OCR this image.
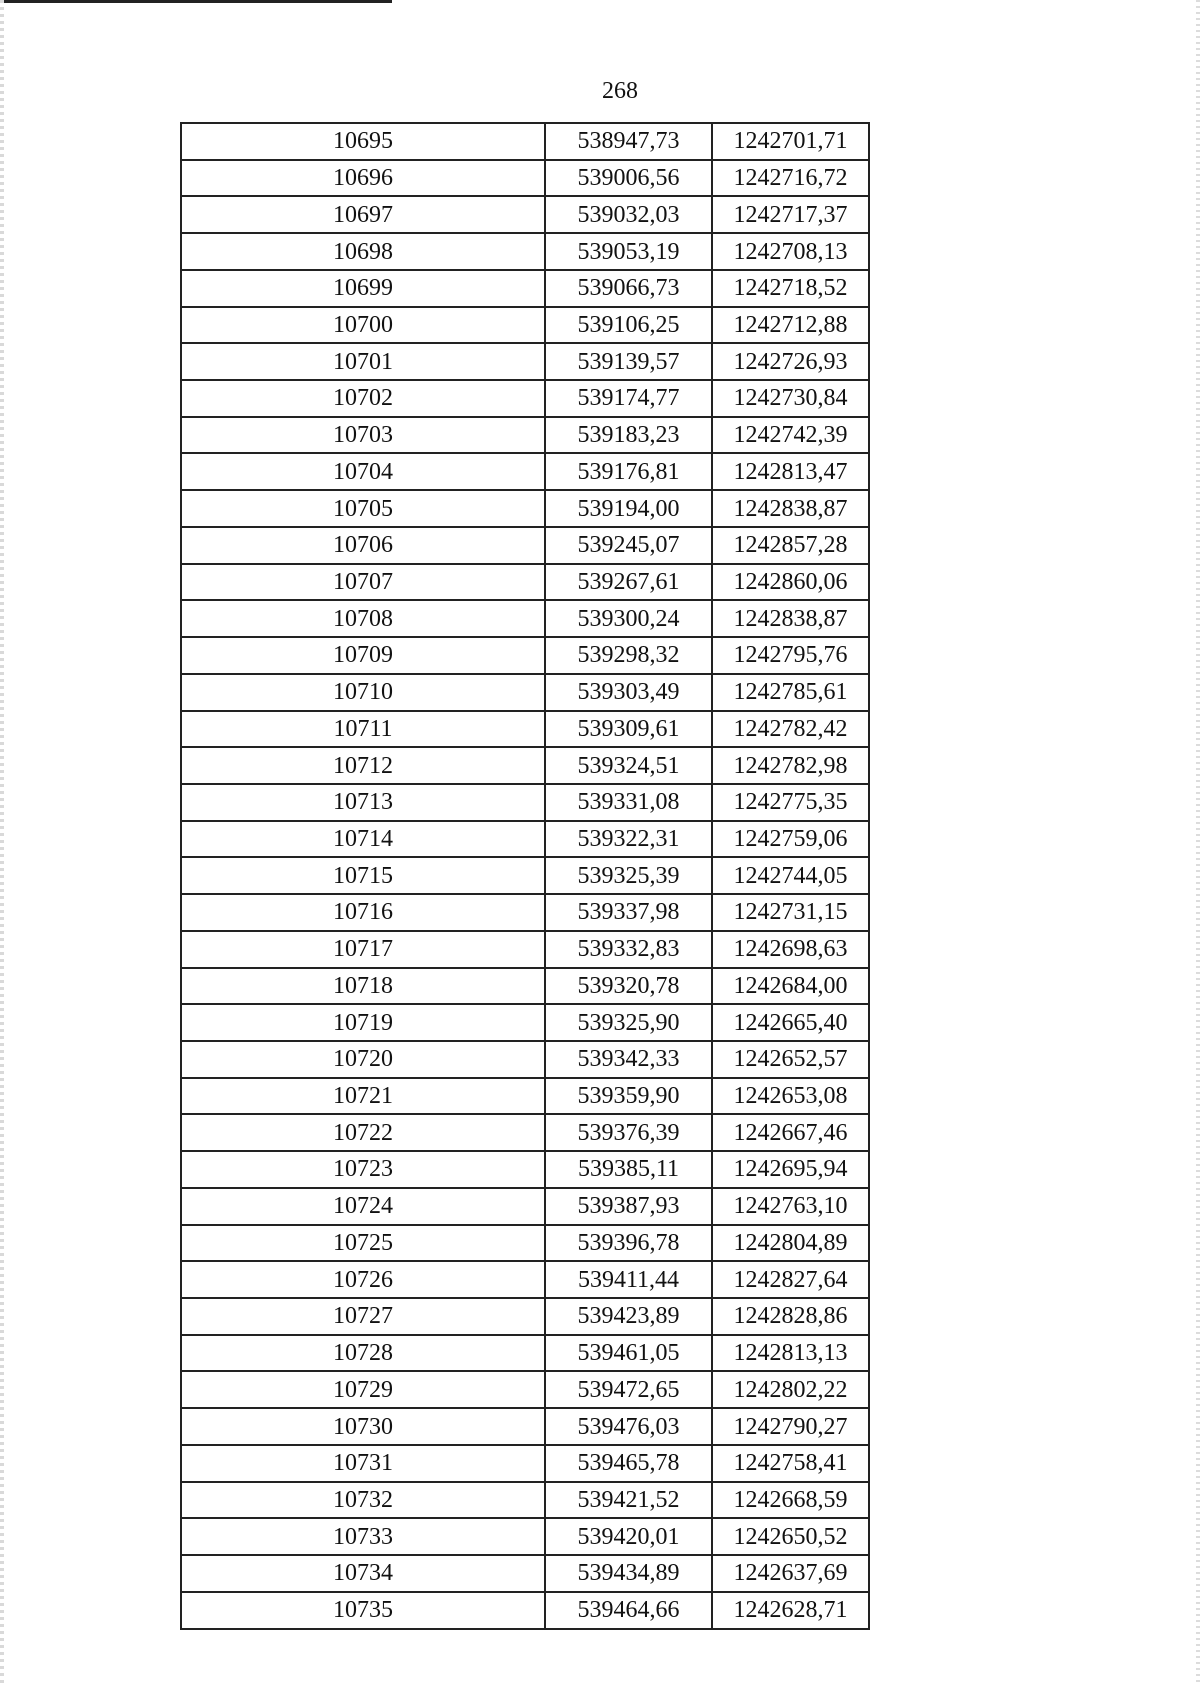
268
10695	538947,73	1242701,71
10696	539006,56	1242716,72
10697	539032,03	1242717,37
10698	539053,19	1242708,13
10699	539066,73	1242718,52
10700	539106,25	1242712,88
10701	539139,57	1242726,93
10702	539174,77	1242730,84
10703	539183,23	1242742,39
10704	539176,81	1242813,47
10705	539194,00	1242838,87
10706	539245,07	1242857,28
10707	539267,61	1242860,06
10708	539300,24	1242838,87
10709	539298,32	1242795,76
10710	539303,49	1242785,61
10711	539309,61	1242782,42
10712	539324,51	1242782,98
10713	539331,08	1242775,35
10714	539322,31	1242759,06
10715	539325,39	1242744,05
10716	539337,98	1242731,15
10717	539332,83	1242698,63
10718	539320,78	1242684,00
10719	539325,90	1242665,40
10720	539342,33	1242652,57
10721	539359,90	1242653,08
10722	539376,39	1242667,46
10723	539385,11	1242695,94
10724	539387,93	1242763,10
10725	539396,78	1242804,89
10726	539411,44	1242827,64
10727	539423,89	1242828,86
10728	539461,05	1242813,13
10729	539472,65	1242802,22
10730	539476,03	1242790,27
10731	539465,78	1242758,41
10732	539421,52	1242668,59
10733	539420,01	1242650,52
10734	539434,89	1242637,69
10735	539464,66	1242628,71
